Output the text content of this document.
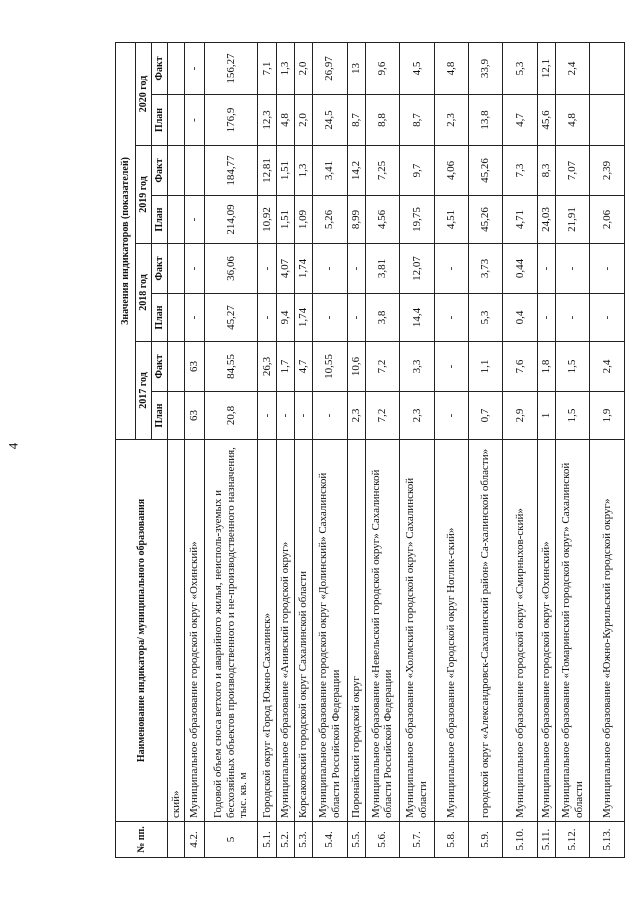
4
№ пп.	Наименование индикатора/ муниципального образования	Значения индикаторов (показателей)							
		2017 год		2018 год		2019 год		2020 год	
		План	Факт	План	Факт	План	Факт	План	Факт
	ский»								
4.2.	Муниципальное образование городской округ «Охинский»	63	63	-	-	-		-	-
5	Годовой объем сноса ветхого и аварийного жилья, неисполь-зуемых и бесхозяйных объектов производственного и не-производственного назначения, тыс. кв. м	20,8	84,55	45,27	36,06	214,09	184,77	176,9	156,27
5.1.	Городской округ «Город Южно-Сахалинск»	-	26,3	-	-	10,92	12,81	12,3	7,1
5.2.	Муниципальное образование «Анивский городской округ»	-	1,7	9,4	4,07	1,51	1,51	4,8	1,3
5.3.	Корсаковский городской округ Сахалинской области	-	4,7	1,74	1,74	1,09	1,3	2,0	2,0
5.4.	Муниципальное образование городской округ «Долинский» Сахалинской области Российской Федерации	-	10,55	-	-	5,26	3,41	24,5	26,97
5.5.	Поронайский городской округ	2,3	10,6	-	-	8,99	14,2	8,7	13
5.6.	Муниципальное образование «Невельский городской округ» Сахалинской области Российской Федерации	7,2	7,2	3,8	3,81	4,56	7,25	8,8	9,6
5.7.	Муниципальное образование «Холмский городской округ» Сахалинской области	2,3	3,3	14,4	12,07	19,75	9,7	8,7	4,5
5.8.	Муниципальное образование «Городской округ Ноглик-ский»	-	-	-	-	4,51	4,06	2,3	4,8
5.9.	городской округ «Александровск-Сахалинский район» Са-халинской области»	0,7	1,1	5,3	3,73	45,26	45,26	13,8	33,9
5.10.	Муниципальное образование городской округ «Смирныхов-ский»	2,9	7,6	0,4	0,44	4,71	7,3	4,7	5,3
5.11.	Муниципальное образование городской округ «Охинский»	1	1,8	-	-	24,03	8,3	45,6	12,1
5.12.	Муниципальное образование «Томаринский городской округ» Сахалинской области	1,5	1,5	-	-	21,91	7,07	4,8	2,4
5.13.	Муниципальное образование «Южно-Курильский городской округ»	1,9	2,4	-	-	2,06	2,39		
